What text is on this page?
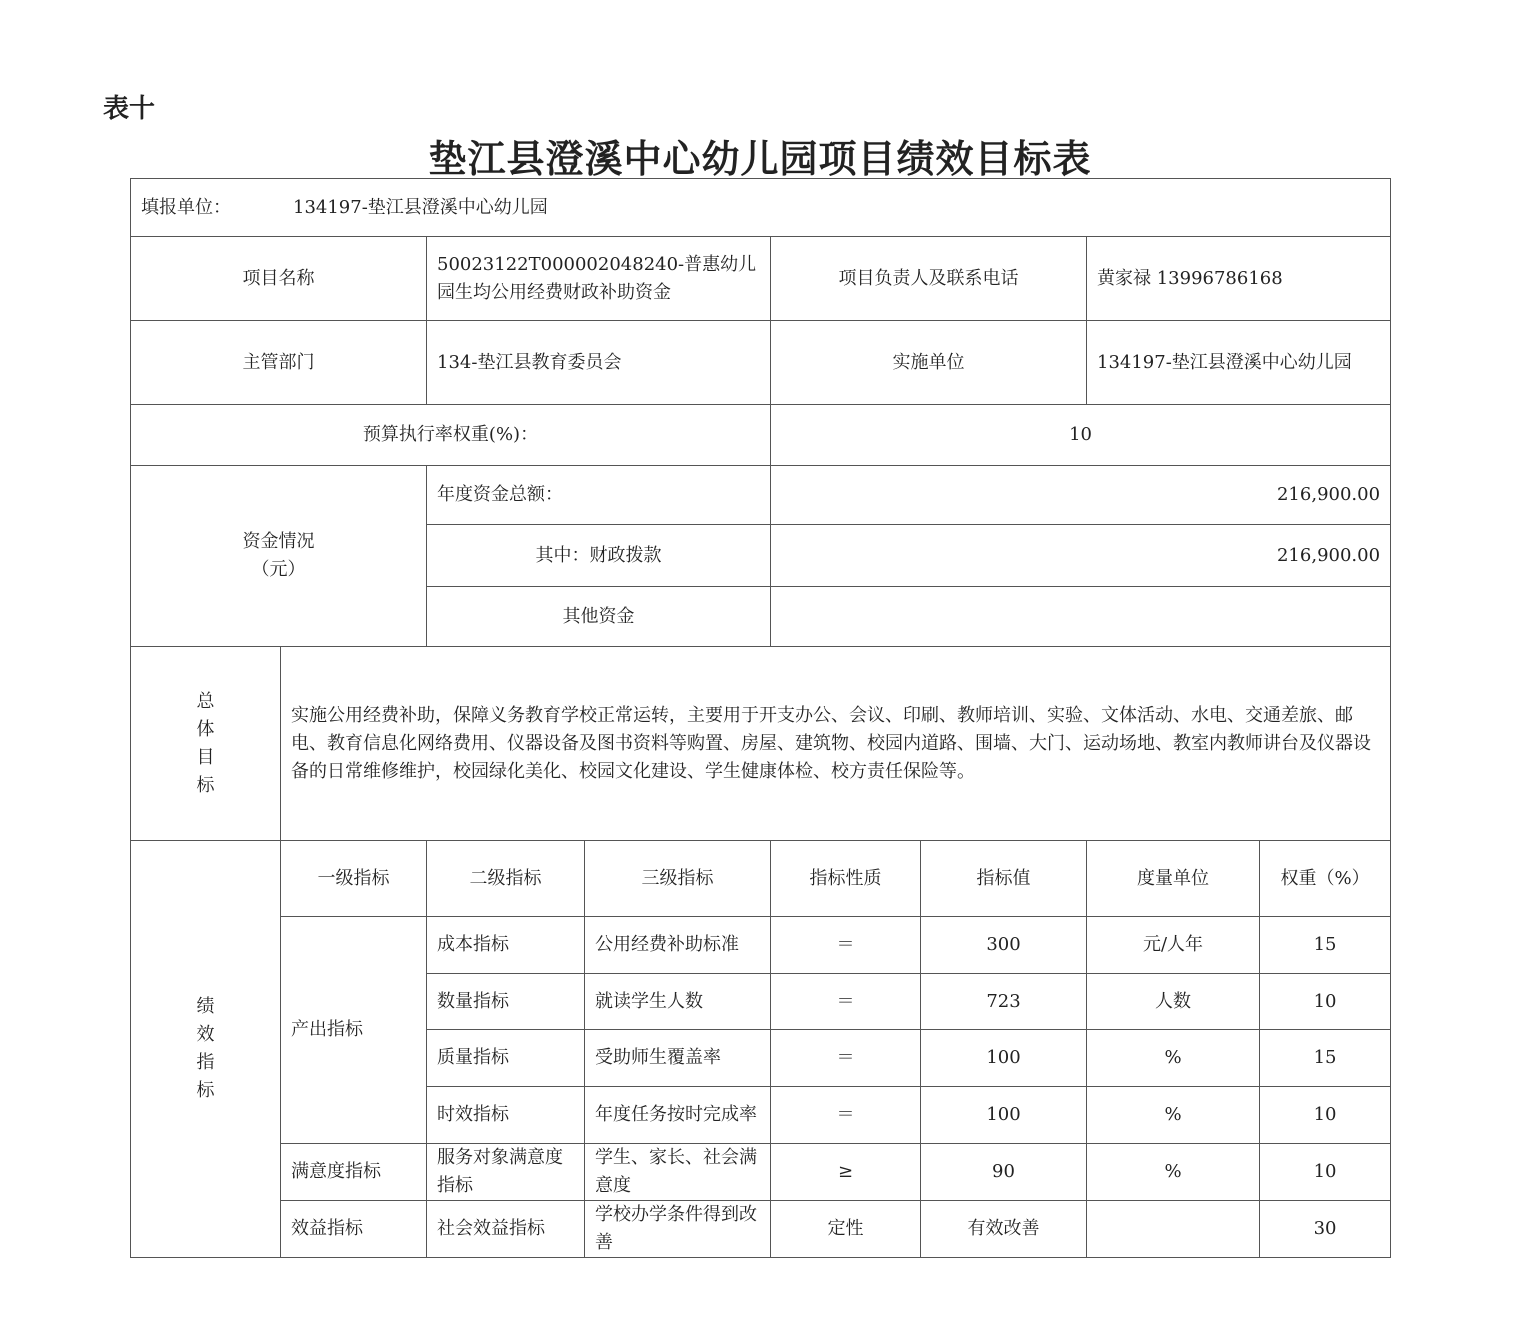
表十
垫江县澄溪中心幼儿园项目绩效目标表
填报单位： 134197-垫江县澄溪中心幼儿园							
项目名称		50023122T000002048240-普惠幼儿园生均公用经费财政补助资金		项目负责人及联系电话		黄家禄 13996786168	
主管部门		134-垫江县教育委员会		实施单位		134197-垫江县澄溪中心幼儿园	
预算执行率权重(%)：				10			

资金情况
（元）		年度资金总额：		216,900.00			
		其中：财政拨款		216,900.00			
		其他资金					

总
体
目
标	实施公用经费补助，保障义务教育学校正常运转，主要用于开支办公、会议、印刷、教师培训、实验、文体活动、水电、交通差旅、邮电、教育信息化网络费用、仪器设备及图书资料等购置、房屋、建筑物、校园内道路、围墙、大门、运动场地、教室内教师讲台及仪器设备的日常维修维护，校园绿化美化、校园文化建设、学生健康体检、校方责任保险等。						

绩
效
指
标	一级指标	二级指标	三级指标	指标性质	指标值	度量单位	权重（%）
	产出指标	成本指标	公用经费补助标准	＝	300	元/人年	15
		数量指标	就读学生人数	＝	723	人数	10
		质量指标	受助师生覆盖率	＝	100	%	15
		时效指标	年度任务按时完成率	＝	100	%	10
	满意度指标	服务对象满意度指标	学生、家长、社会满意度	≥	90	%	10
	效益指标	社会效益指标	学校办学条件得到改善	定性	有效改善		30
